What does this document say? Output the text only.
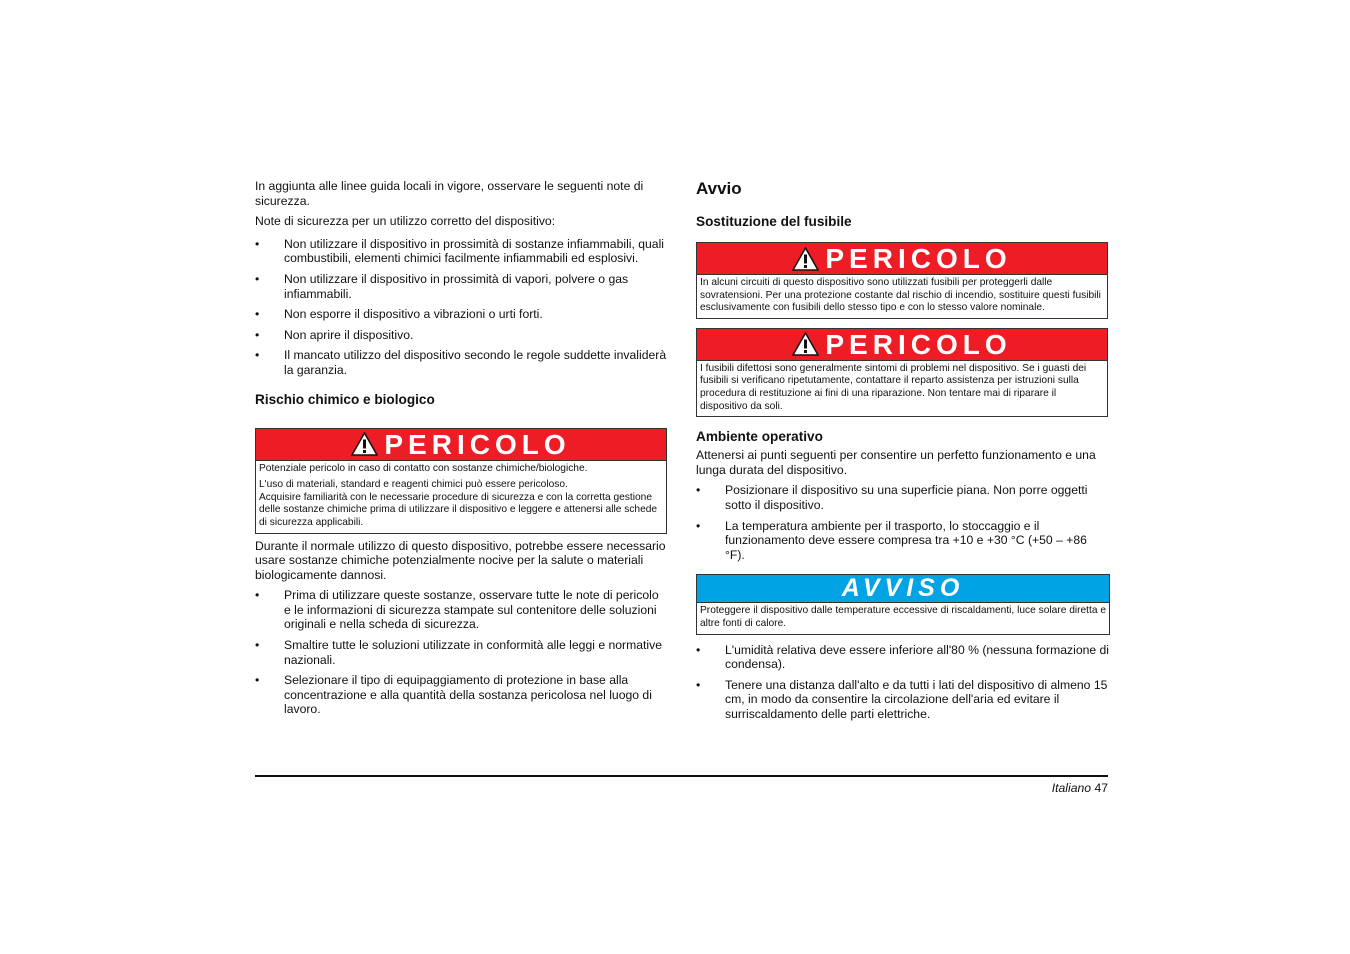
In aggiunta alle linee guida locali in vigore, osservare le seguenti note di sicurezza.

Note di sicurezza per un utilizzo corretto del dispositivo:

• Non utilizzare il dispositivo in prossimità di sostanze infiammabili, quali combustibili, elementi chimici facilmente infiammabili ed esplosivi.
• Non utilizzare il dispositivo in prossimità di vapori, polvere o gas infiammabili.
• Non esporre il dispositivo a vibrazioni o urti forti.
• Non aprire il dispositivo.
• Il mancato utilizzo del dispositivo secondo le regole suddette invaliderà la garanzia.
Rischio chimico e biologico
PERICOLO

Potenziale pericolo in caso di contatto con sostanze chimiche/biologiche.

L'uso di materiali, standard e reagenti chimici può essere pericoloso.

Acquisire familiarità con le necessarie procedure di sicurezza e con la corretta gestione delle sostanze chimiche prima di utilizzare il dispositivo e leggere e attenersi alle schede di sicurezza applicabili.

Durante il normale utilizzo di questo dispositivo, potrebbe essere necessario usare sostanze chimiche potenzialmente nocive per la salute o materiali biologicamente dannosi.

• Prima di utilizzare queste sostanze, osservare tutte le note di pericolo e le informazioni di sicurezza stampate sul contenitore delle soluzioni originali e nella scheda di sicurezza.
• Smaltire tutte le soluzioni utilizzate in conformità alle leggi e normative nazionali.
• Selezionare il tipo di equipaggiamento di protezione in base alla concentrazione e alla quantità della sostanza pericolosa nel luogo di lavoro.
Avvio
Sostituzione del fusibile
PERICOLO

In alcuni circuiti di questo dispositivo sono utilizzati fusibili per proteggerli dalle sovratensioni. Per una protezione costante dal rischio di incendio, sostituire questi fusibili esclusivamente con fusibili dello stesso tipo e con lo stesso valore nominale.

PERICOLO

I fusibili difettosi sono generalmente sintomi di problemi nel dispositivo. Se i guasti dei fusibili si verificano ripetutamente, contattare il reparto assistenza per istruzioni sulla procedura di restituzione ai fini di una riparazione. Non tentare mai di riparare il dispositivo da soli.

Ambiente operativo

Attenersi ai punti seguenti per consentire un perfetto funzionamento e una lunga durata del dispositivo.

• Posizionare il dispositivo su una superficie piana. Non porre oggetti sotto il dispositivo.
• La temperatura ambiente per il trasporto, lo stoccaggio e il funzionamento deve essere compresa tra +10 e +30 °C (+50 – +86 °F).
AVVISO

Proteggere il dispositivo dalle temperature eccessive di riscaldamenti, luce solare diretta e altre fonti di calore.

• L'umidità relativa deve essere inferiore all'80 % (nessuna formazione di condensa).
• Tenere una distanza dall'alto e da tutti i lati del dispositivo di almeno 15 cm, in modo da consentire la circolazione dell'aria ed evitare il surriscaldamento delle parti elettriche.
Italiano 47
